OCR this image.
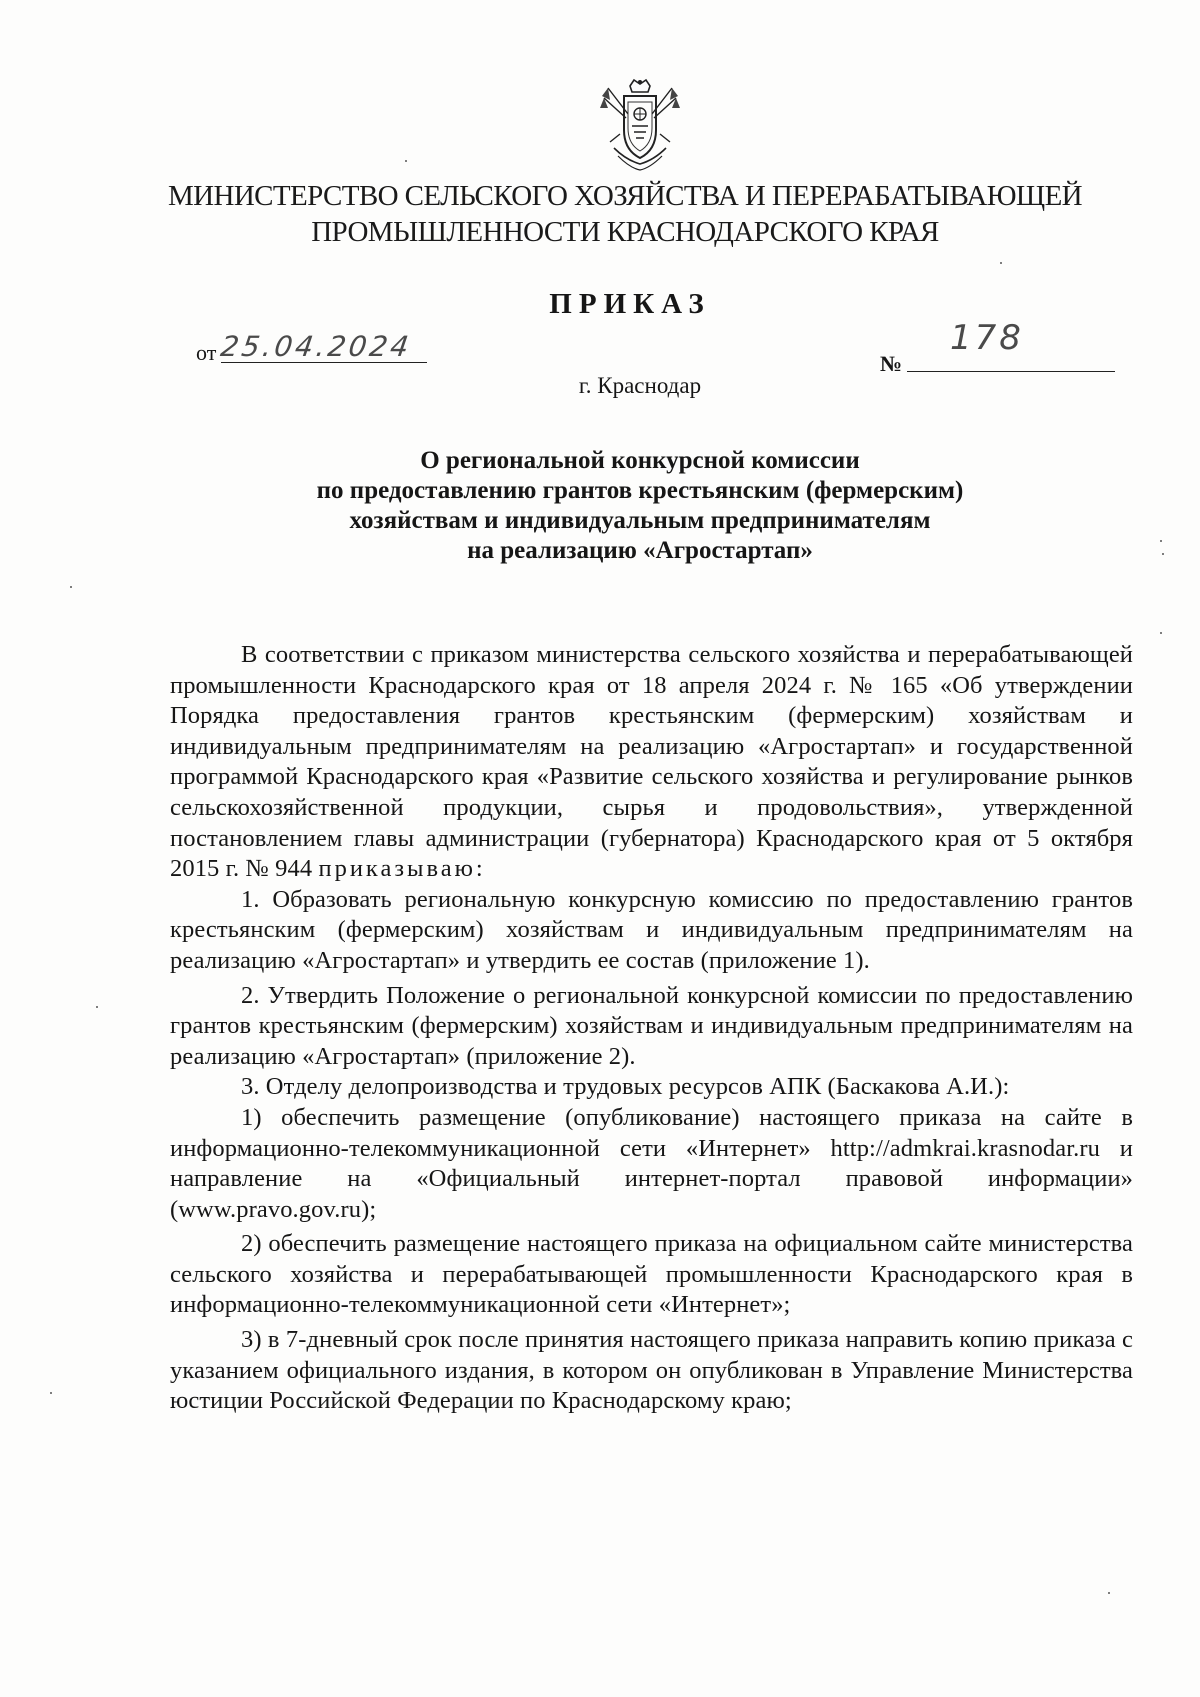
МИНИСТЕРСТВО СЕЛЬСКОГО ХОЗЯЙСТВА И ПЕРЕРАБАТЫВАЮЩЕЙ
ПРОМЫШЛЕННОСТИ КРАСНОДАРСКОГО КРАЯ
ПРИКАЗ
от 25.04.2024
№
178
г. Краснодар
О региональной конкурсной комиссии
по предоставлению грантов крестьянским (фермерским)
хозяйствам и индивидуальным предпринимателям
на реализацию «Агростартап»

В соответствии с приказом министерства сельского хозяйства и перерабатывающей промышленности Краснодарского края от 18 апреля 2024 г. № 165 «Об утверждении Порядка предоставления грантов крестьянским (фермерским) хозяйствам и индивидуальным предпринимателям на реализацию «Агростартап» и государственной программой Краснодарского края «Развитие сельского хозяйства и регулирование рынков сельскохозяйственной продукции, сырья и продовольствия», утвержденной постановлением главы администрации (губернатора) Краснодарского края от 5 октября 2015 г. № 944 приказываю:

1. Образовать региональную конкурсную комиссию по предоставлению грантов крестьянским (фермерским) хозяйствам и индивидуальным предпринимателям на реализацию «Агростартап» и утвердить ее состав (приложение 1).

2. Утвердить Положение о региональной конкурсной комиссии по предоставлению грантов крестьянским (фермерским) хозяйствам и индивидуальным предпринимателям на реализацию «Агростартап» (приложение 2).

3. Отделу делопроизводства и трудовых ресурсов АПК (Баскакова А.И.):

1) обеспечить размещение (опубликование) настоящего приказа на сайте в информационно-телекоммуникационной сети «Интернет» http://admkrai.krasnodar.ru и направление на «Официальный интернет-портал правовой информации» (www.pravo.gov.ru);

2) обеспечить размещение настоящего приказа на официальном сайте министерства сельского хозяйства и перерабатывающей промышленности Краснодарского края в информационно-телекоммуникационной сети «Интернет»;

3) в 7-дневный срок после принятия настоящего приказа направить копию приказа с указанием официального издания, в котором он опубликован в Управление Министерства юстиции Российской Федерации по Краснодарскому краю;
